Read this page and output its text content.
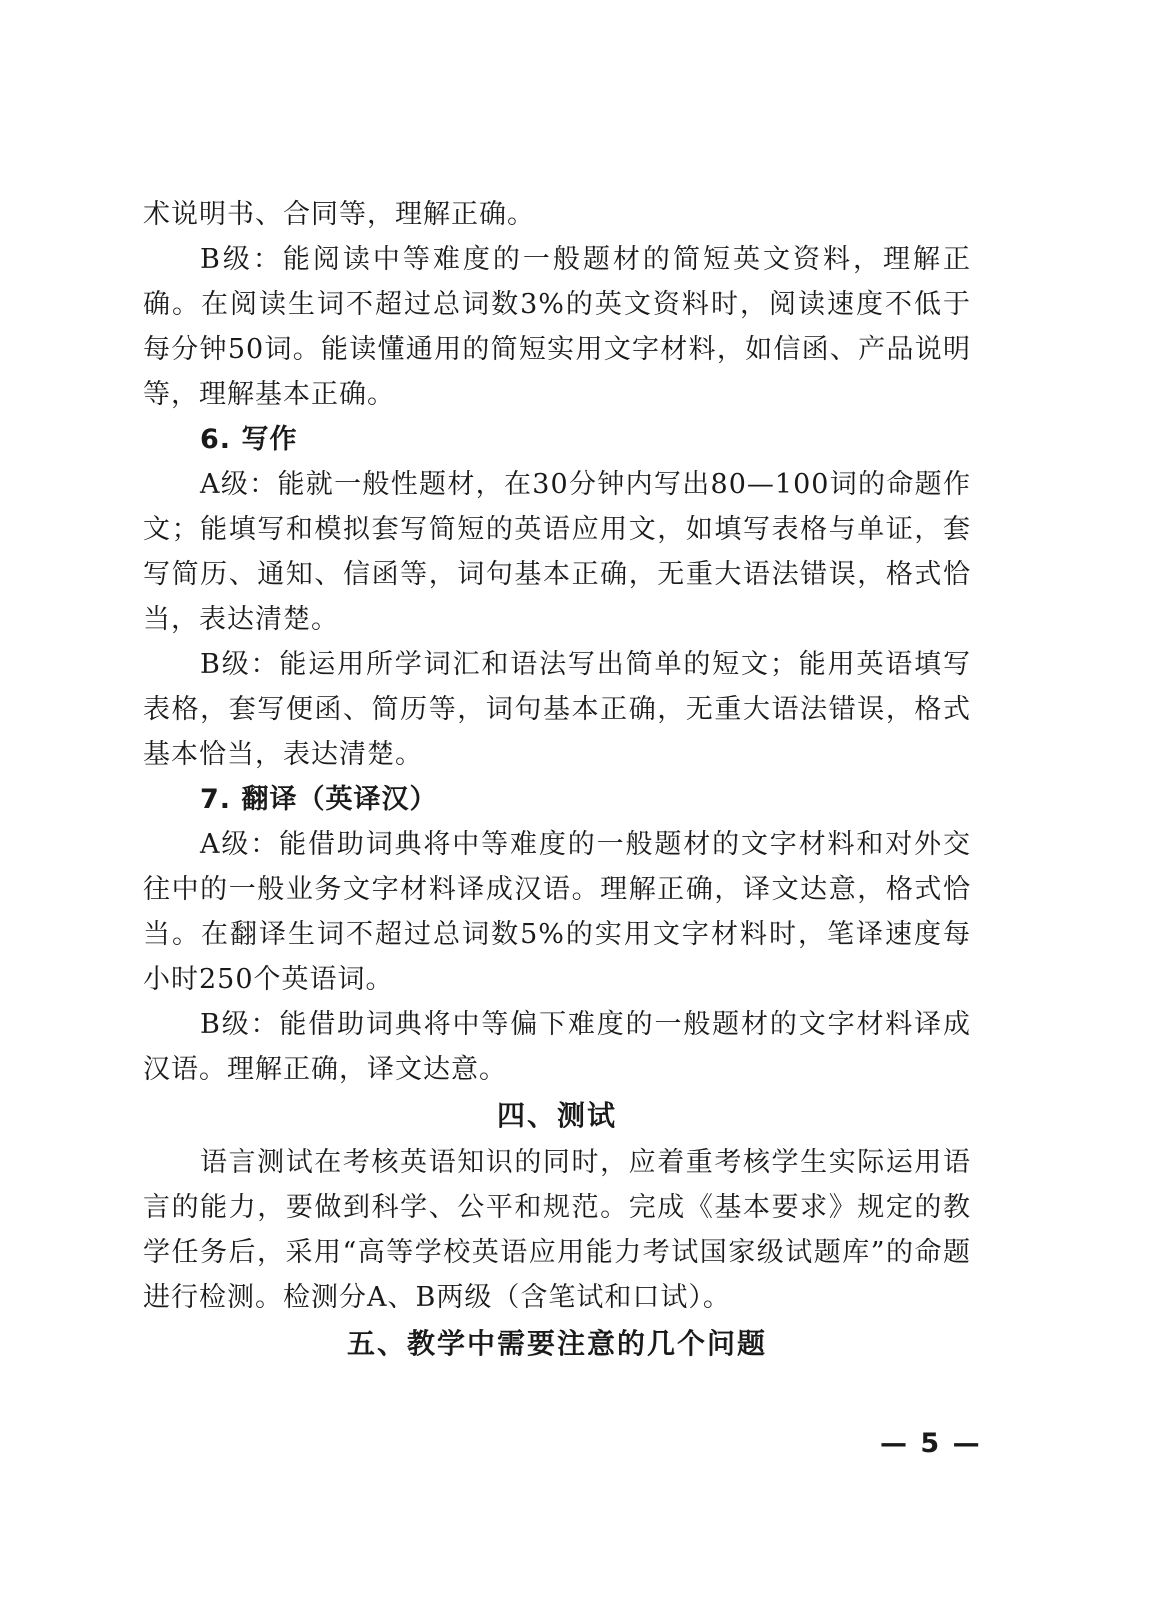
术说明书、合同等，理解正确。

B级：能阅读中等难度的一般题材的简短英文资料，理解正确。在阅读生词不超过总词数3%的英文资料时，阅读速度不低于每分钟50词。能读懂通用的简短实用文字材料，如信函、产品说明等，理解基本正确。

6. 写作

A级：能就一般性题材，在30分钟内写出80—100词的命题作文；能填写和模拟套写简短的英语应用文，如填写表格与单证，套写简历、通知、信函等，词句基本正确，无重大语法错误，格式恰当，表达清楚。

B级：能运用所学词汇和语法写出简单的短文；能用英语填写表格，套写便函、简历等，词句基本正确，无重大语法错误，格式基本恰当，表达清楚。

7. 翻译（英译汉）

A级：能借助词典将中等难度的一般题材的文字材料和对外交往中的一般业务文字材料译成汉语。理解正确，译文达意，格式恰当。在翻译生词不超过总词数5%的实用文字材料时，笔译速度每小时250个英语词。

B级：能借助词典将中等偏下难度的一般题材的文字材料译成汉语。理解正确，译文达意。

四、测试

语言测试在考核英语知识的同时，应着重考核学生实际运用语言的能力，要做到科学、公平和规范。完成《基本要求》规定的教学任务后，采用“高等学校英语应用能力考试国家级试题库”的命题进行检测。检测分A、B两级（含笔试和口试）。

五、教学中需要注意的几个问题
— 5 —
